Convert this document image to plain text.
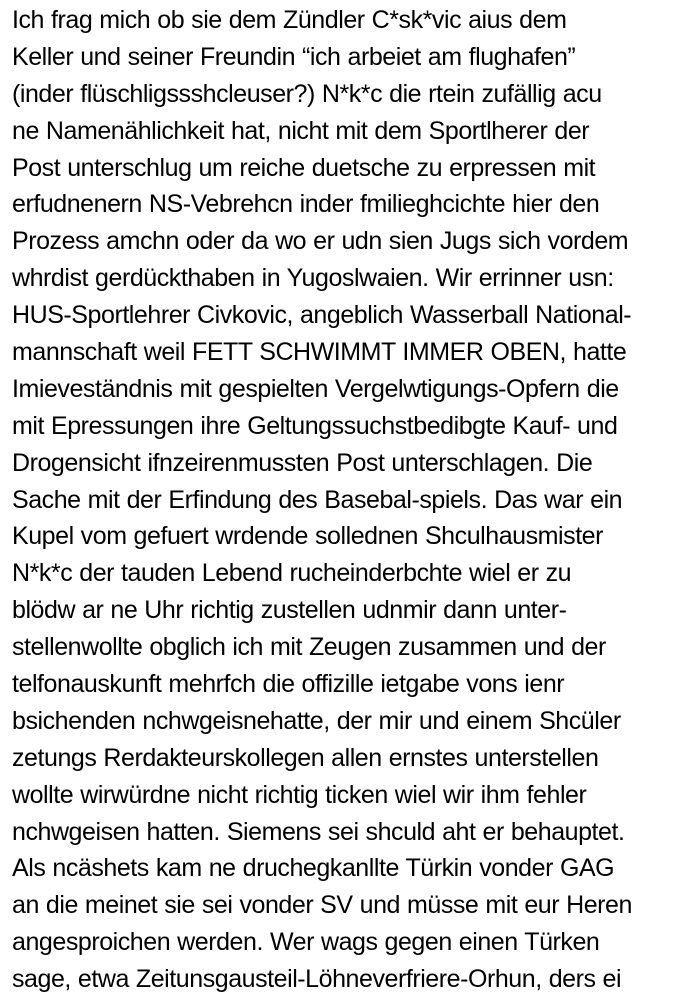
Ich frag mich ob sie dem Zündler C*sk*vic aius dem
Keller und seiner Freundin “ich arbeiet am flughafen”
(inder flüschligssshcleuser?) N*k*c die rtein zufällig acu
ne Namenählichkeit hat, nicht mit dem Sportlherer der
Post unterschlug um reiche duetsche zu erpressen mit
erfudnenern NS-Vebrehcn inder fmilieghcichte hier den
Prozess amchn oder da wo er udn sien Jugs sich vordem
whrdist gerdückthaben in Yugoslwaien. Wir errinner usn:
HUS-Sportlehrer Civkovic, angeblich Wasserball National-
mannschaft weil FETT SCHWIMMT IMMER OBEN, hatte
Imieveständnis mit gespielten Vergelwtigungs-Opfern die
mit Epressungen ihre Geltungssuchstbedibgte Kauf- und
Drogensicht ifnzeirenmussten Post unterschlagen. Die
Sache mit der Erfindung des Basebal-spiels. Das war ein
Kupel vom gefuert wrdende sollednen Shculhausmister
N*k*c der tauden Lebend rucheinderbchte wiel er zu
blödw ar ne Uhr richtig zustellen udnmir dann unter-
stellenwollte obglich ich mit Zeugen zusammen und der
telfonauskunft mehrfch die offizille ietgabe vons ienr
bsichenden nchwgeisnehatte, der mir und einem Shcüler
zetungs Rerdakteurskollegen allen ernstes unterstellen
wollte wirwürdne nicht richtig ticken wiel wir ihm fehler
nchwgeisen hatten. Siemens sei shculd aht er behauptet.
Als ncäshets kam ne druchegkanllte Türkin vonder GAG
an die meinet sie sei vonder SV und müsse mit eur Heren
angesproichen werden. Wer wags gegen einen Türken
sage, etwa Zeitunsgausteil-Löhneverfriere-Orhun, ders ei
